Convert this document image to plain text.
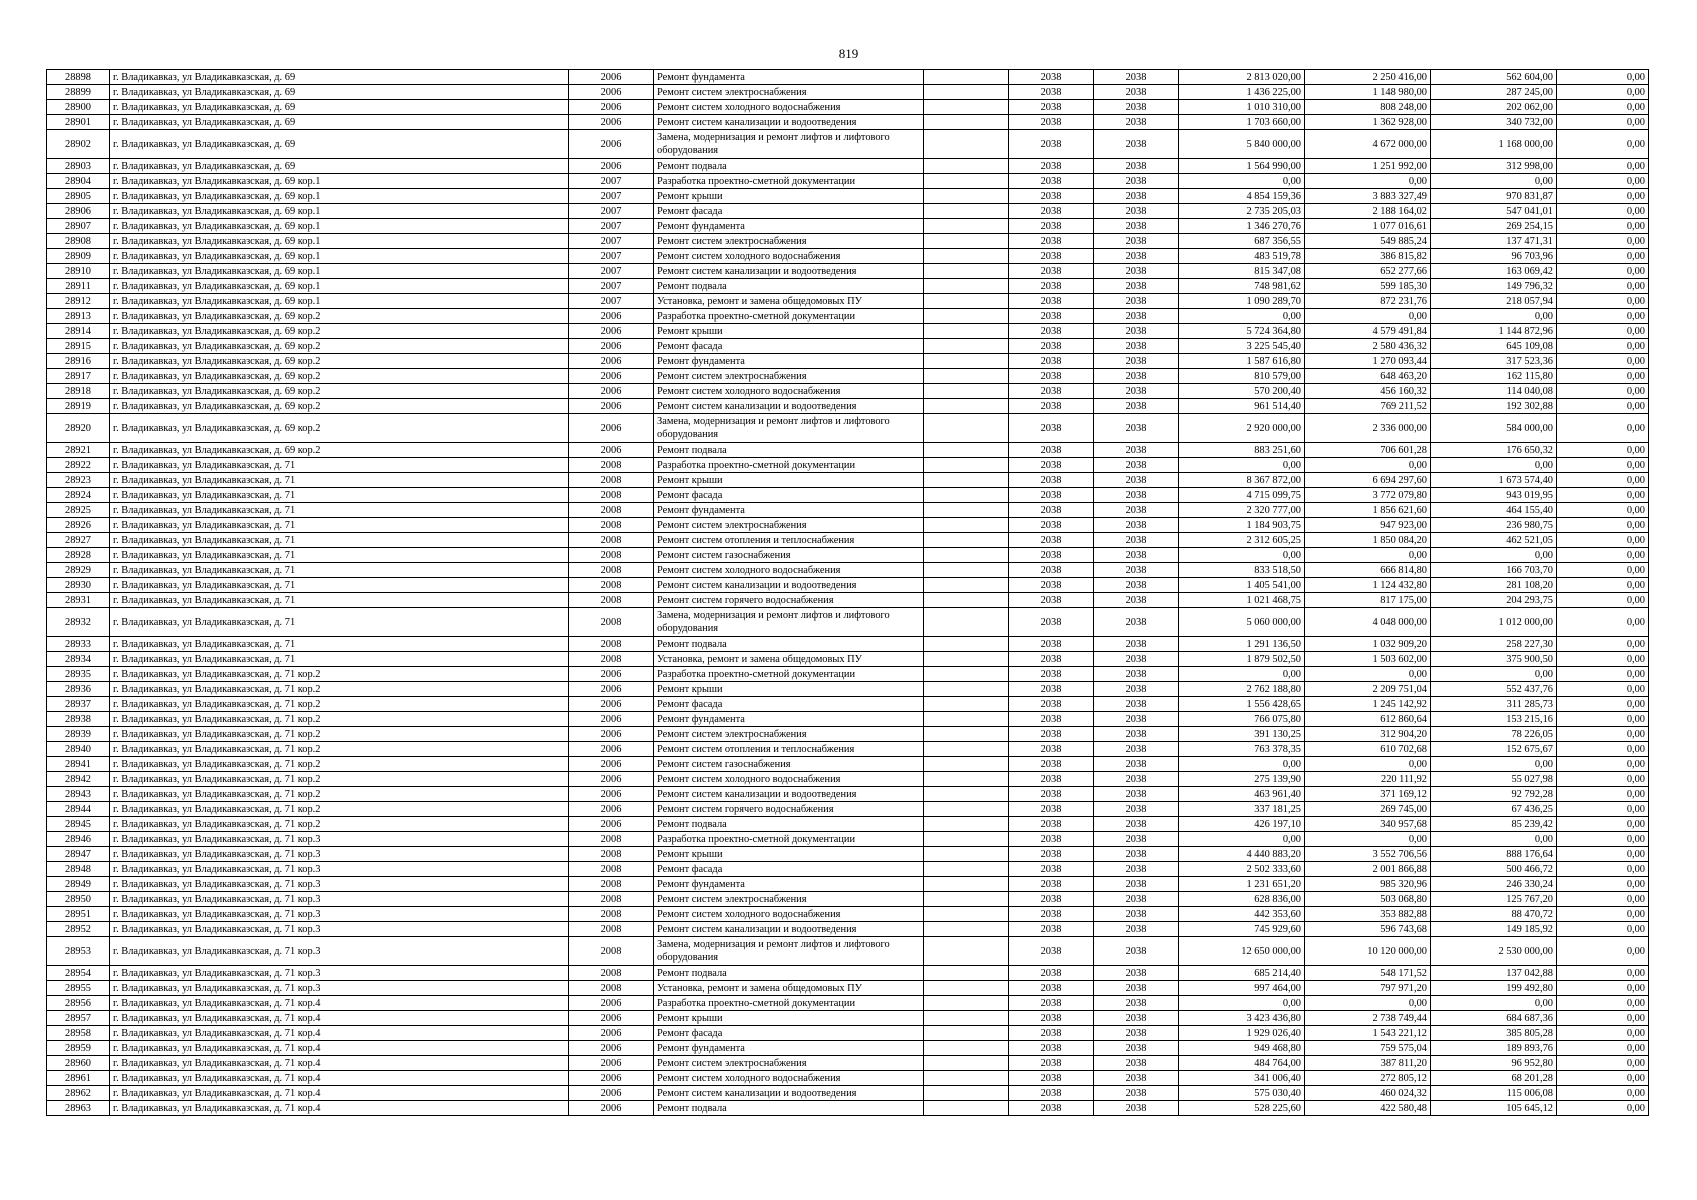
819
28898	г. Владикавказ, ул Владикавказская, д. 69	2006	Ремонт фундамента		2038	2038	2 813 020,00	2 250 416,00	562 604,00	0,00
28899	г. Владикавказ, ул Владикавказская, д. 69	2006	Ремонт систем электроснабжения		2038	2038	1 436 225,00	1 148 980,00	287 245,00	0,00
28900	г. Владикавказ, ул Владикавказская, д. 69	2006	Ремонт систем холодного водоснабжения		2038	2038	1 010 310,00	808 248,00	202 062,00	0,00
28901	г. Владикавказ, ул Владикавказская, д. 69	2006	Ремонт систем канализации и водоотведения		2038	2038	1 703 660,00	1 362 928,00	340 732,00	0,00
28902	г. Владикавказ, ул Владикавказская, д. 69	2006	Замена, модернизация и ремонт лифтов и лифтового оборудования		2038	2038	5 840 000,00	4 672 000,00	1 168 000,00	0,00
28903	г. Владикавказ, ул Владикавказская, д. 69	2006	Ремонт подвала		2038	2038	1 564 990,00	1 251 992,00	312 998,00	0,00
28904	г. Владикавказ, ул Владикавказская, д. 69 кор.1	2007	Разработка проектно-сметной документации		2038	2038	0,00	0,00	0,00	0,00
28905	г. Владикавказ, ул Владикавказская, д. 69 кор.1	2007	Ремонт крыши		2038	2038	4 854 159,36	3 883 327,49	970 831,87	0,00
28906	г. Владикавказ, ул Владикавказская, д. 69 кор.1	2007	Ремонт фасада		2038	2038	2 735 205,03	2 188 164,02	547 041,01	0,00
28907	г. Владикавказ, ул Владикавказская, д. 69 кор.1	2007	Ремонт фундамента		2038	2038	1 346 270,76	1 077 016,61	269 254,15	0,00
28908	г. Владикавказ, ул Владикавказская, д. 69 кор.1	2007	Ремонт систем электроснабжения		2038	2038	687 356,55	549 885,24	137 471,31	0,00
28909	г. Владикавказ, ул Владикавказская, д. 69 кор.1	2007	Ремонт систем холодного водоснабжения		2038	2038	483 519,78	386 815,82	96 703,96	0,00
28910	г. Владикавказ, ул Владикавказская, д. 69 кор.1	2007	Ремонт систем канализации и водоотведения		2038	2038	815 347,08	652 277,66	163 069,42	0,00
28911	г. Владикавказ, ул Владикавказская, д. 69 кор.1	2007	Ремонт подвала		2038	2038	748 981,62	599 185,30	149 796,32	0,00
28912	г. Владикавказ, ул Владикавказская, д. 69 кор.1	2007	Установка, ремонт и замена общедомовых ПУ		2038	2038	1 090 289,70	872 231,76	218 057,94	0,00
28913	г. Владикавказ, ул Владикавказская, д. 69 кор.2	2006	Разработка проектно-сметной документации		2038	2038	0,00	0,00	0,00	0,00
28914	г. Владикавказ, ул Владикавказская, д. 69 кор.2	2006	Ремонт крыши		2038	2038	5 724 364,80	4 579 491,84	1 144 872,96	0,00
28915	г. Владикавказ, ул Владикавказская, д. 69 кор.2	2006	Ремонт фасада		2038	2038	3 225 545,40	2 580 436,32	645 109,08	0,00
28916	г. Владикавказ, ул Владикавказская, д. 69 кор.2	2006	Ремонт фундамента		2038	2038	1 587 616,80	1 270 093,44	317 523,36	0,00
28917	г. Владикавказ, ул Владикавказская, д. 69 кор.2	2006	Ремонт систем электроснабжения		2038	2038	810 579,00	648 463,20	162 115,80	0,00
28918	г. Владикавказ, ул Владикавказская, д. 69 кор.2	2006	Ремонт систем холодного водоснабжения		2038	2038	570 200,40	456 160,32	114 040,08	0,00
28919	г. Владикавказ, ул Владикавказская, д. 69 кор.2	2006	Ремонт систем канализации и водоотведения		2038	2038	961 514,40	769 211,52	192 302,88	0,00
28920	г. Владикавказ, ул Владикавказская, д. 69 кор.2	2006	Замена, модернизация и ремонт лифтов и лифтового оборудования		2038	2038	2 920 000,00	2 336 000,00	584 000,00	0,00
28921	г. Владикавказ, ул Владикавказская, д. 69 кор.2	2006	Ремонт подвала		2038	2038	883 251,60	706 601,28	176 650,32	0,00
28922	г. Владикавказ, ул Владикавказская, д. 71	2008	Разработка проектно-сметной документации		2038	2038	0,00	0,00	0,00	0,00
28923	г. Владикавказ, ул Владикавказская, д. 71	2008	Ремонт крыши		2038	2038	8 367 872,00	6 694 297,60	1 673 574,40	0,00
28924	г. Владикавказ, ул Владикавказская, д. 71	2008	Ремонт фасада		2038	2038	4 715 099,75	3 772 079,80	943 019,95	0,00
28925	г. Владикавказ, ул Владикавказская, д. 71	2008	Ремонт фундамента		2038	2038	2 320 777,00	1 856 621,60	464 155,40	0,00
28926	г. Владикавказ, ул Владикавказская, д. 71	2008	Ремонт систем электроснабжения		2038	2038	1 184 903,75	947 923,00	236 980,75	0,00
28927	г. Владикавказ, ул Владикавказская, д. 71	2008	Ремонт систем отопления и теплоснабжения		2038	2038	2 312 605,25	1 850 084,20	462 521,05	0,00
28928	г. Владикавказ, ул Владикавказская, д. 71	2008	Ремонт систем газоснабжения		2038	2038	0,00	0,00	0,00	0,00
28929	г. Владикавказ, ул Владикавказская, д. 71	2008	Ремонт систем холодного водоснабжения		2038	2038	833 518,50	666 814,80	166 703,70	0,00
28930	г. Владикавказ, ул Владикавказская, д. 71	2008	Ремонт систем канализации и водоотведения		2038	2038	1 405 541,00	1 124 432,80	281 108,20	0,00
28931	г. Владикавказ, ул Владикавказская, д. 71	2008	Ремонт систем горячего водоснабжения		2038	2038	1 021 468,75	817 175,00	204 293,75	0,00
28932	г. Владикавказ, ул Владикавказская, д. 71	2008	Замена, модернизация и ремонт лифтов и лифтового оборудования		2038	2038	5 060 000,00	4 048 000,00	1 012 000,00	0,00
28933	г. Владикавказ, ул Владикавказская, д. 71	2008	Ремонт подвала		2038	2038	1 291 136,50	1 032 909,20	258 227,30	0,00
28934	г. Владикавказ, ул Владикавказская, д. 71	2008	Установка, ремонт и замена общедомовых ПУ		2038	2038	1 879 502,50	1 503 602,00	375 900,50	0,00
28935	г. Владикавказ, ул Владикавказская, д. 71 кор.2	2006	Разработка проектно-сметной документации		2038	2038	0,00	0,00	0,00	0,00
28936	г. Владикавказ, ул Владикавказская, д. 71 кор.2	2006	Ремонт крыши		2038	2038	2 762 188,80	2 209 751,04	552 437,76	0,00
28937	г. Владикавказ, ул Владикавказская, д. 71 кор.2	2006	Ремонт фасада		2038	2038	1 556 428,65	1 245 142,92	311 285,73	0,00
28938	г. Владикавказ, ул Владикавказская, д. 71 кор.2	2006	Ремонт фундамента		2038	2038	766 075,80	612 860,64	153 215,16	0,00
28939	г. Владикавказ, ул Владикавказская, д. 71 кор.2	2006	Ремонт систем электроснабжения		2038	2038	391 130,25	312 904,20	78 226,05	0,00
28940	г. Владикавказ, ул Владикавказская, д. 71 кор.2	2006	Ремонт систем отопления и теплоснабжения		2038	2038	763 378,35	610 702,68	152 675,67	0,00
28941	г. Владикавказ, ул Владикавказская, д. 71 кор.2	2006	Ремонт систем газоснабжения		2038	2038	0,00	0,00	0,00	0,00
28942	г. Владикавказ, ул Владикавказская, д. 71 кор.2	2006	Ремонт систем холодного водоснабжения		2038	2038	275 139,90	220 111,92	55 027,98	0,00
28943	г. Владикавказ, ул Владикавказская, д. 71 кор.2	2006	Ремонт систем канализации и водоотведения		2038	2038	463 961,40	371 169,12	92 792,28	0,00
28944	г. Владикавказ, ул Владикавказская, д. 71 кор.2	2006	Ремонт систем горячего водоснабжения		2038	2038	337 181,25	269 745,00	67 436,25	0,00
28945	г. Владикавказ, ул Владикавказская, д. 71 кор.2	2006	Ремонт подвала		2038	2038	426 197,10	340 957,68	85 239,42	0,00
28946	г. Владикавказ, ул Владикавказская, д. 71 кор.3	2008	Разработка проектно-сметной документации		2038	2038	0,00	0,00	0,00	0,00
28947	г. Владикавказ, ул Владикавказская, д. 71 кор.3	2008	Ремонт крыши		2038	2038	4 440 883,20	3 552 706,56	888 176,64	0,00
28948	г. Владикавказ, ул Владикавказская, д. 71 кор.3	2008	Ремонт фасада		2038	2038	2 502 333,60	2 001 866,88	500 466,72	0,00
28949	г. Владикавказ, ул Владикавказская, д. 71 кор.3	2008	Ремонт фундамента		2038	2038	1 231 651,20	985 320,96	246 330,24	0,00
28950	г. Владикавказ, ул Владикавказская, д. 71 кор.3	2008	Ремонт систем электроснабжения		2038	2038	628 836,00	503 068,80	125 767,20	0,00
28951	г. Владикавказ, ул Владикавказская, д. 71 кор.3	2008	Ремонт систем холодного водоснабжения		2038	2038	442 353,60	353 882,88	88 470,72	0,00
28952	г. Владикавказ, ул Владикавказская, д. 71 кор.3	2008	Ремонт систем канализации и водоотведения		2038	2038	745 929,60	596 743,68	149 185,92	0,00
28953	г. Владикавказ, ул Владикавказская, д. 71 кор.3	2008	Замена, модернизация и ремонт лифтов и лифтового оборудования		2038	2038	12 650 000,00	10 120 000,00	2 530 000,00	0,00
28954	г. Владикавказ, ул Владикавказская, д. 71 кор.3	2008	Ремонт подвала		2038	2038	685 214,40	548 171,52	137 042,88	0,00
28955	г. Владикавказ, ул Владикавказская, д. 71 кор.3	2008	Установка, ремонт и замена общедомовых ПУ		2038	2038	997 464,00	797 971,20	199 492,80	0,00
28956	г. Владикавказ, ул Владикавказская, д. 71 кор.4	2006	Разработка проектно-сметной документации		2038	2038	0,00	0,00	0,00	0,00
28957	г. Владикавказ, ул Владикавказская, д. 71 кор.4	2006	Ремонт крыши		2038	2038	3 423 436,80	2 738 749,44	684 687,36	0,00
28958	г. Владикавказ, ул Владикавказская, д. 71 кор.4	2006	Ремонт фасада		2038	2038	1 929 026,40	1 543 221,12	385 805,28	0,00
28959	г. Владикавказ, ул Владикавказская, д. 71 кор.4	2006	Ремонт фундамента		2038	2038	949 468,80	759 575,04	189 893,76	0,00
28960	г. Владикавказ, ул Владикавказская, д. 71 кор.4	2006	Ремонт систем электроснабжения		2038	2038	484 764,00	387 811,20	96 952,80	0,00
28961	г. Владикавказ, ул Владикавказская, д. 71 кор.4	2006	Ремонт систем холодного водоснабжения		2038	2038	341 006,40	272 805,12	68 201,28	0,00
28962	г. Владикавказ, ул Владикавказская, д. 71 кор.4	2006	Ремонт систем канализации и водоотведения		2038	2038	575 030,40	460 024,32	115 006,08	0,00
28963	г. Владикавказ, ул Владикавказская, д. 71 кор.4	2006	Ремонт подвала		2038	2038	528 225,60	422 580,48	105 645,12	0,00
